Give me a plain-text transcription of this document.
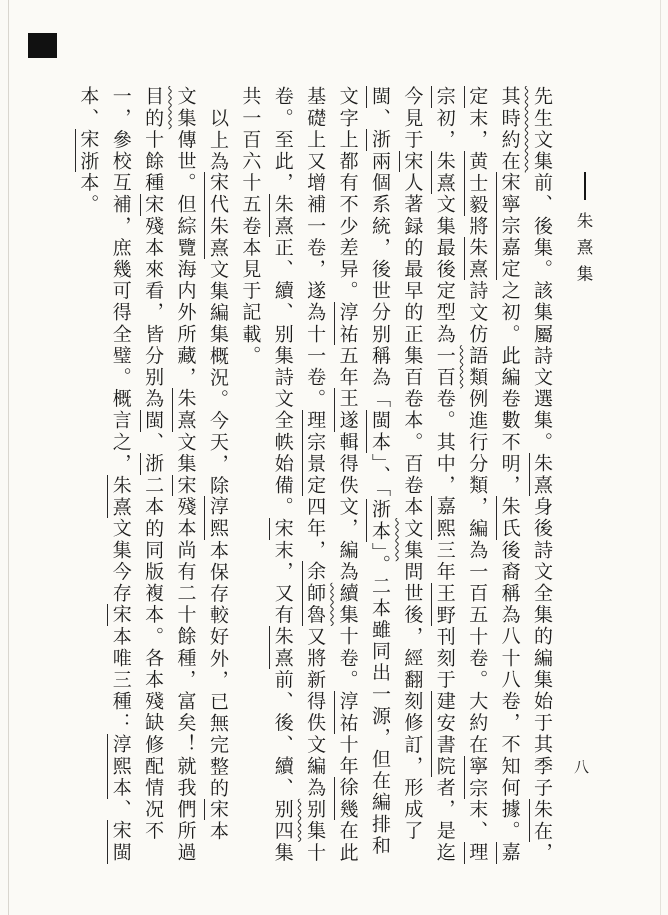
朱熹集
八
先生文集前、後集。該集屬詩文選集。朱熹身後詩文全集的編集始于其季子朱在，
其時約在宋寧宗嘉定之初。此編卷數不明，朱氏後裔稱為八十八卷，不知何據。嘉
定末，黄士毅將朱熹詩文仿語類例進行分類，編為一百五十卷。大約在寧宗末、理
宗初，朱熹文集最後定型為一百卷。其中，嘉熙三年王野刊刻于建安書院者，是迄
今見于宋人著録的最早的正集百卷本。百卷本文集問世後，經翻刻修訂，形成了
閩、浙兩個系統，後世分别稱為「閩本」、「浙本」。二本雖同出一源，但在編排和
文字上都有不少差异。淳祐五年王遂輯得佚文，編為續集十卷。淳祐十年徐幾在此
基礎上又增補一卷，遂為十一卷。理宗景定四年，余師魯又將新得佚文編為别集十
卷。至此，朱熹正、續、别集詩文全帙始備。宋末，又有朱熹前、後、續、别四集
共一百六十五卷本見于記載。
以上為宋代朱熹文集編集概況。今天，除淳熙本保存較好外，已無完整的宋本
文集傳世。但綜覽海内外所藏，朱熹文集宋殘本尚有二十餘種，富矣！就我們所過
目的十餘種宋殘本來看，皆分别為閩、浙二本的同版複本。各本殘缺修配情况不
一，參校互補，庶幾可得全璧。概言之，朱熹文集今存宋本唯三種：淳熙本、宋閩
本、宋浙本。
